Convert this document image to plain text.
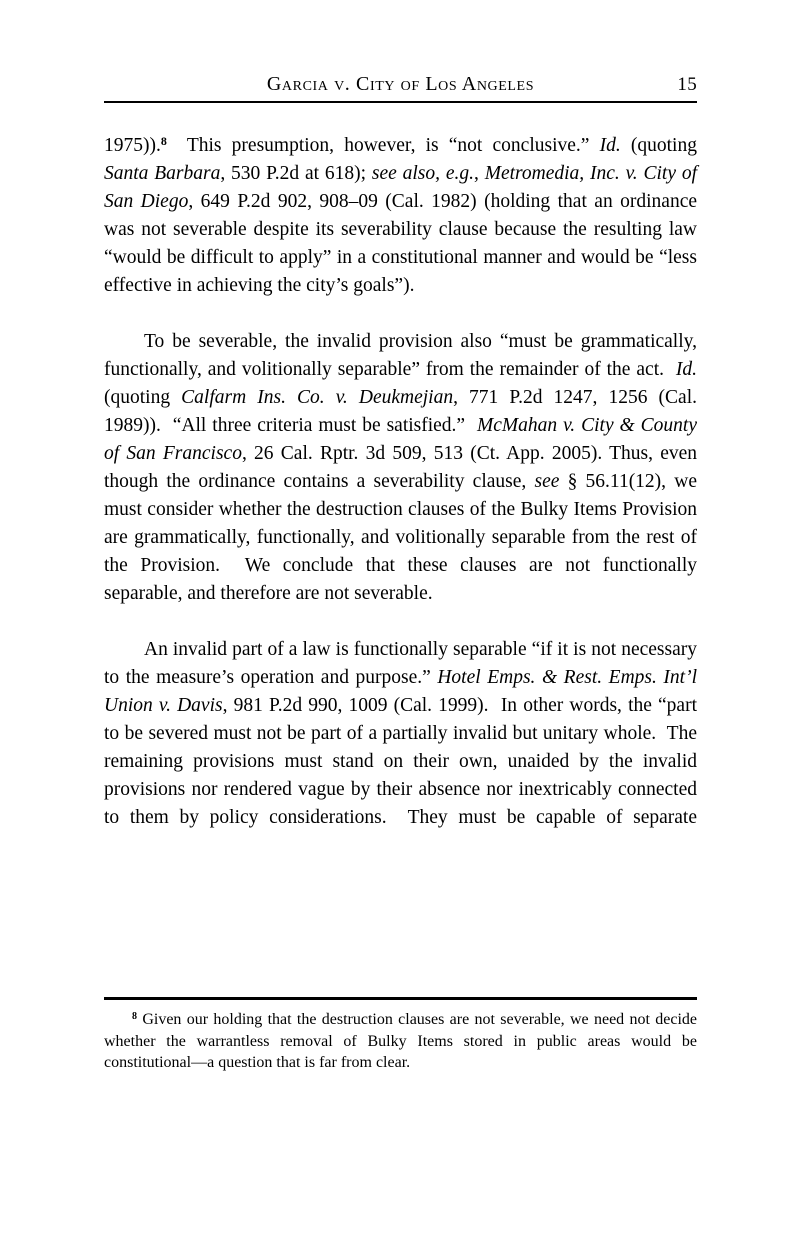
Garcia v. City of Los Angeles	15

1975)).$^8$  This presumption, however, is “not conclusive.” Id. (quoting Santa Barbara, 530 P.2d at 618); see also, e.g., Metromedia, Inc. v. City of San Diego, 649 P.2d 902, 908–09 (Cal. 1982) (holding that an ordinance was not severable despite its severability clause because the resulting law “would be difficult to apply” in a constitutional manner and would be “less effective in achieving the city’s goals”).

To be severable, the invalid provision also “must be grammatically, functionally, and volitionally separable” from the remainder of the act.  Id. (quoting Calfarm Ins. Co. v. Deukmejian, 771 P.2d 1247, 1256 (Cal. 1989)).  “All three criteria must be satisfied.”  McMahan v. City & County of San Francisco, 26 Cal. Rptr. 3d 509, 513 (Ct. App. 2005). Thus, even though the ordinance contains a severability clause, see § 56.11(12), we must consider whether the destruction clauses of the Bulky Items Provision are grammatically, functionally, and volitionally separable from the rest of the Provision.  We conclude that these clauses are not functionally separable, and therefore are not severable.

An invalid part of a law is functionally separable “if it is not necessary to the measure’s operation and purpose.” Hotel Emps. & Rest. Emps. Int’l Union v. Davis, 981 P.2d 990, 1009 (Cal. 1999).  In other words, the “part to be severed must not be part of a partially invalid but unitary whole.  The remaining provisions must stand on their own, unaided by the invalid provisions nor rendered vague by their absence nor inextricably connected to them by policy considerations.  They must be capable of separate

$^8$ Given our holding that the destruction clauses are not severable, we need not decide whether the warrantless removal of Bulky Items stored in public areas would be constitutional—a question that is far from clear.
